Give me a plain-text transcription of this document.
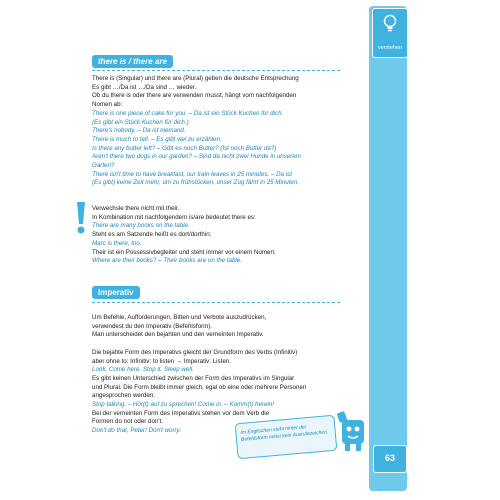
verstehen
there is / there are
There is (Singular) und there are (Plural) geben die deutsche Entsprechung
Es gibt …/Da ist …/Da sind … wieder.
Ob du there is oder there are verwenden musst, hängt vom nachfolgenden
Nomen ab:
There is one piece of cake for you. – Da ist ein Stück Kuchen für dich.
(Es gibt ein Stück Kuchen für dich.)
There's nobody. – Da ist niemand.
There is much to tell. – Es gibt viel zu erzählen.
Is there any butter left? – Gibt es noch Butter? (Ist noch Butter da?)
Aren't there two dogs in our garden? – Sind da nicht zwei Hunde in unserem
Garten?
There isn't time to have breakfast, our train leaves in 25 minutes. – Da ist
(Es gibt) keine Zeit mehr, um zu frühstücken, unser Zug fährt in 25 Minuten.
Verwechsle there nicht mit their.
In Kombination mit nachfolgendem is/are bedeutet there es:
There are many books on the table.
Steht es am Satzende heißt es dort/dorthin:
Marc is there, too.
Their ist ein Possessivbegleiter und steht immer vor einem Nomen:
Where are their books? – Their books are on the table.
Imperativ
Um Befehle, Aufforderungen, Bitten und Verbote auszudrücken,
verwendest du den Imperativ (Befehlsform).
Man unterscheidet den bejahten und den verneinten Imperativ.

Die bejahte Form des Imperativs gleicht der Grundform des Verbs (Infinitiv)
aber ohne to: Infinitiv: to listen → Imperativ: Listen.
Look. Come here. Stop it. Sleep well.
Es gibt keinen Unterschied zwischen der Form des Imperativs im Singular
und Plural. Die Form bleibt immer gleich, egal ob eine oder mehrere Personen
angesprochen werden:
Stop talking. – Hör(t) auf zu sprechen! Come in. – Komm(t) herein!
Bei der verneinten Form des Imperativs stehen vor dem Verb die
Formen do not oder don't.
Don't do that, Peter! Don't worry.	Im Englischen steht hinter der Befehlsform meist kein Ausrufezeichen.
63
